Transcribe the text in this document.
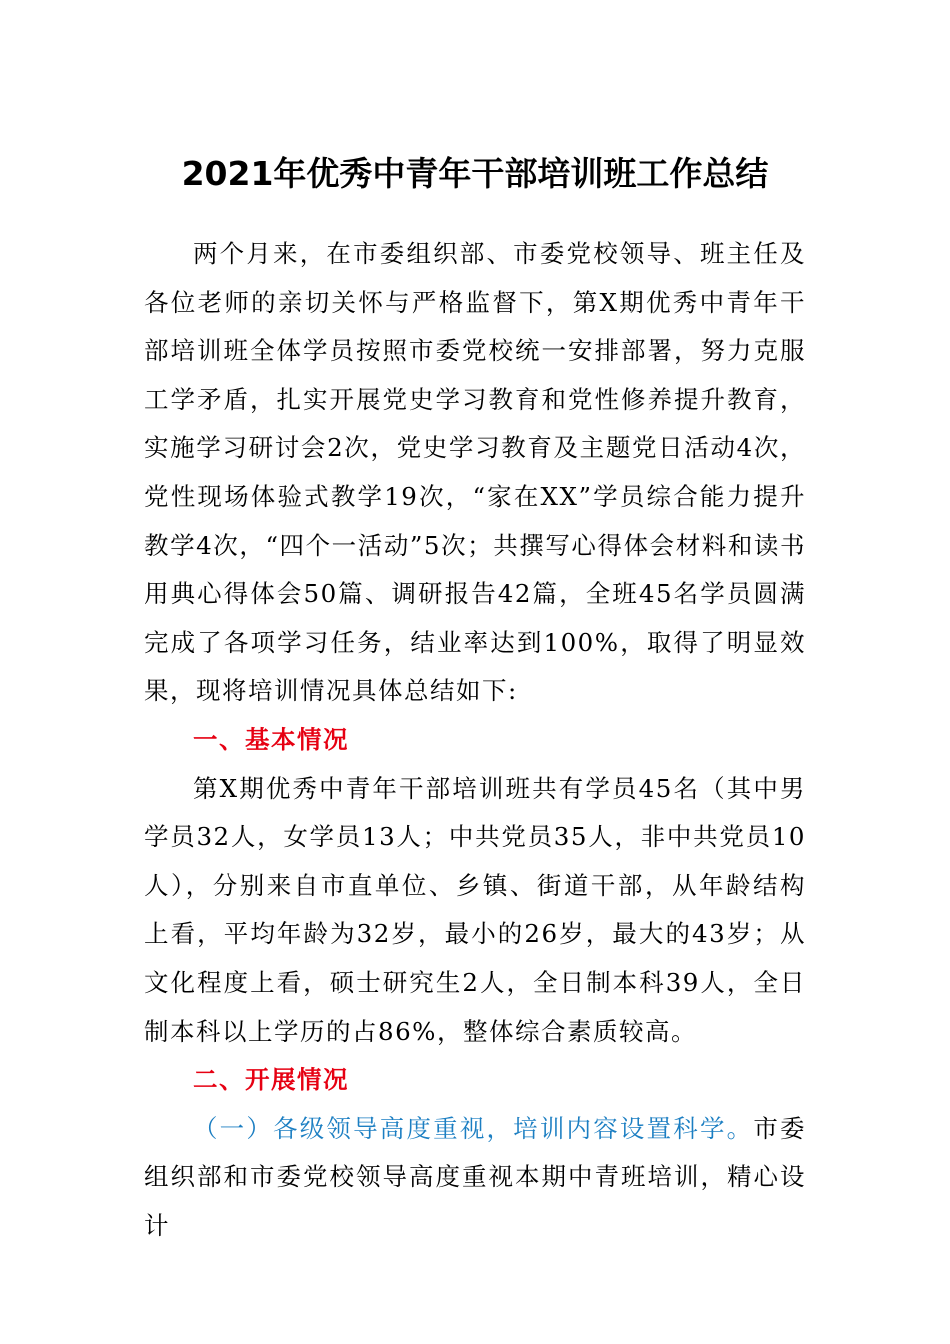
2021年优秀中青年干部培训班工作总结

两个月来，在市委组织部、市委党校领导、班主任及各位老师的亲切关怀与严格监督下，第X期优秀中青年干部培训班全体学员按照市委党校统一安排部署，努力克服工学矛盾，扎实开展党史学习教育和党性修养提升教育，实施学习研讨会2次，党史学习教育及主题党日活动4次，党性现场体验式教学19次，“家在XX”学员综合能力提升教学4次，“四个一活动”5次；共撰写心得体会材料和读书用典心得体会50篇、调研报告42篇，全班45名学员圆满完成了各项学习任务，结业率达到100%，取得了明显效果，现将培训情况具体总结如下:

一、基本情况

第X期优秀中青年干部培训班共有学员45名（其中男学员32人，女学员13人；中共党员35人，非中共党员10人），分别来自市直单位、乡镇、街道干部，从年龄结构上看，平均年龄为32岁，最小的26岁，最大的43岁；从文化程度上看，硕士研究生2人，全日制本科39人，全日制本科以上学历的占86%，整体综合素质较高。

二、开展情况

（一）各级领导高度重视，培训内容设置科学。市委组织部和市委党校领导高度重视本期中青班培训，精心设计
